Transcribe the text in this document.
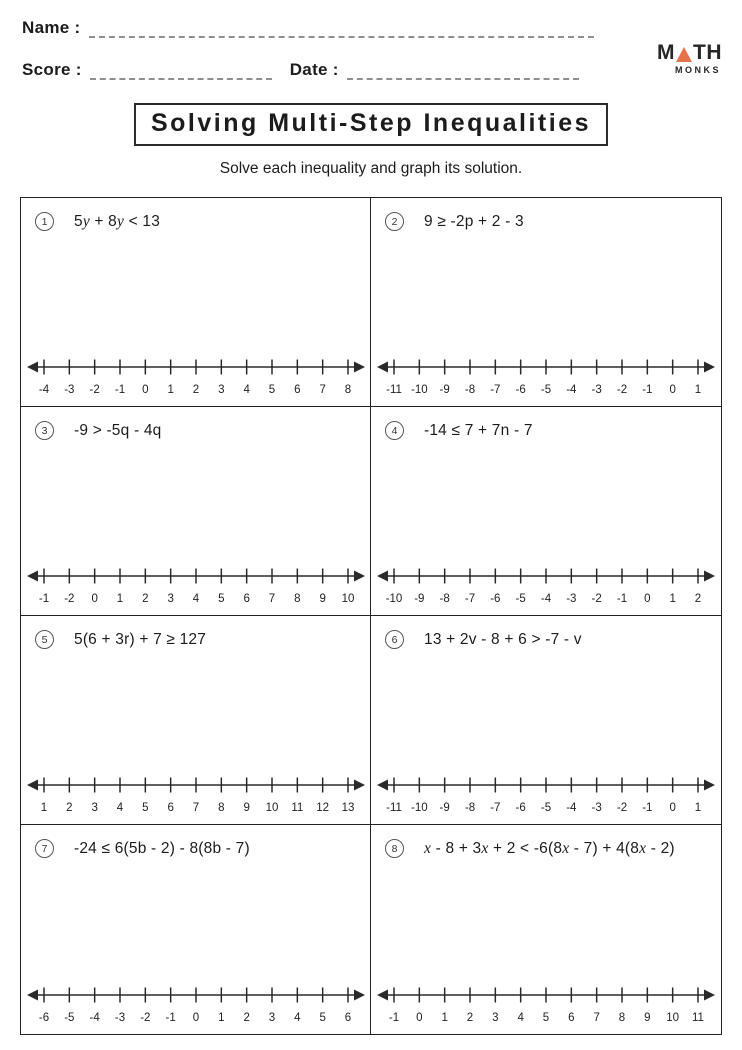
Name :
Score :	Date :
M TH
MONKS
Solving Multi-Step Inequalities
Solve each inequality and graph its solution.
1	5y + 8y < 13
-4 -3 -2 -1 0 1 2 3 4 5 6 7 8
2	9 ≥ -2p + 2 - 3
-11 -10 -9 -8 -7 -6 -5 -4 -3 -2 -1 0 1
3	-9 > -5q - 4q
-1 -2 0 1 2 3 4 5 6 7 8 9 10
4	-14 ≤ 7 + 7n - 7
-10 -9 -8 -7 -6 -5 -4 -3 -2 -1 0 1 2
5	5(6 + 3r) + 7 ≥ 127
1 2 3 4 5 6 7 8 9 10 11 12 13
6	13 + 2v - 8 + 6 > -7 - v
-11 -10 -9 -8 -7 -6 -5 -4 -3 -2 -1 0 1
7	-24 ≤ 6(5b - 2) - 8(8b - 7)
-6 -5 -4 -3 -2 -1 0 1 2 3 4 5 6
8	x - 8 + 3x + 2 < -6(8x - 7) + 4(8x - 2)
-1 0 1 2 3 4 5 6 7 8 9 10 11
